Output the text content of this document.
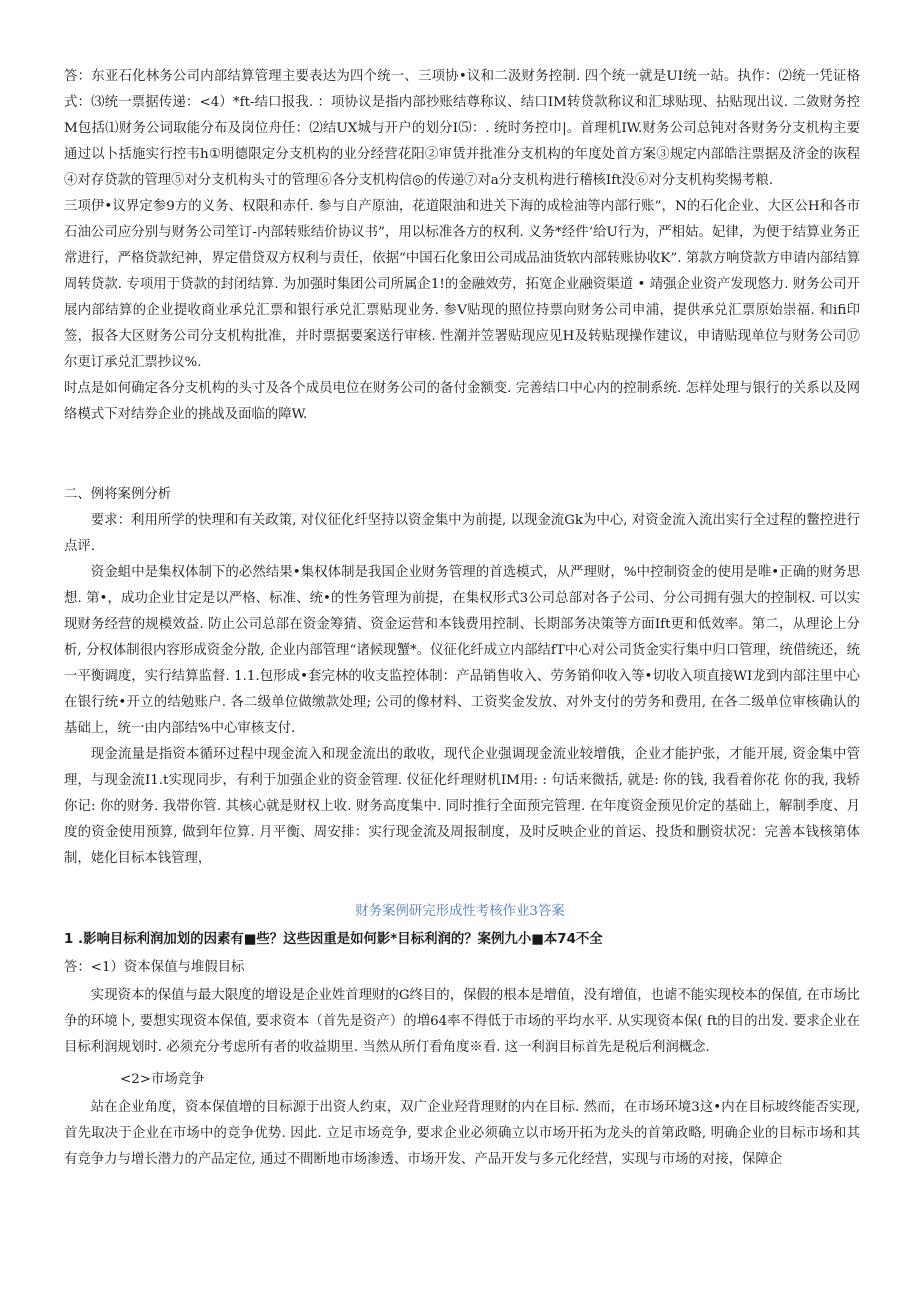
答：东亚石化林务公司内部结算管理主要表达为四个统一、三项协•议和二汲财务控制. 四个统一就是UI统一站。执作：⑵统一凭证格式：⑶统一票据传递：<4）*ft-结口报我. ：项协议是指内部抄账结尊称议、结口IM转贷款称议和汇球贴现、拈贴现出议. 二敛财务控M包括⑴财务公词取能分布及岗位舟任：⑵结UX城与开户的划分I⑸：. 统时务控巾|。首理机IW.财务公司总钝对各财务分支机构主要通过以卜括施实行控韦h①明德限定分支机构的业分经营花阳②审赁并批准分支机构的年度处首方案③规定内部皓注票据及济金的诙程④对存贷款的管理⑤对分支机构头寸的管理⑥各分支机构信◎的传递⑦对a分支机构进行稽核Ift没⑥对分支机构奖惕考粮.

三项伊•议界定参9方的义务、权限和赤仟. 参与自产原油，花道限油和进关下海的成检油等内部行账”，N的石化企业、大区公H和各市石油公司应分别与财务公司笙订-内部转账结价协议书”，用以标准各方的权利. 义务*经件’给U行为，严相姑。妃律，为便于结算业务正常进行，严格贷款纪神，界定借贷双方权利与责任，依据“中国石化象田公司成品油货软内部转账协收K”. 第款方响贷款方申请内部结算周转贷款. 专项用于贷款的封闭结算. 为加强时集团公司所属企1!的金融效劳，拓宽企业融资渠道 • 靖强企业资产发现悠力. 财务公司开展内部结算的企业提收商业承兑汇票和银行承兑汇票贴现业务. 参V贴现的照位持票向财务公司申浦，提供承兑汇票原始崇福. 和ifi印签，报各大区财务公司分支机构批准，并时票据要案送行审核. 性潮并笠署贴现应见H及转贴现操作建议，申请贴现单位与财务公司⑰尔更订承兑汇票抄议%.

时点是如何确定各分支机构的头寸及各个成员电位在财务公司的备付金额变. 完善结口中心内的控制系统. 怎样处理与银行的关系以及网络模式下对结券企业的挑战及面临的障W.

二、例将案例分析

要求：利用所学的快理和有关政策, 对仪征化纤坚持以资金集中为前提, 以现金流Gk为中心, 对资金流入流出实行全过程的鳖控进行点评.

资金蛆中是集权体制下的必然结果•集权体制是我国企业财务管理的首选模式，从严理财，%中控制资金的使用是唯•正确的财务思想. 第•，成功企业甘定是以严格、标准、统•的性务管理为前提，在集权形式3公司总部对各子公司、分公司拥有强大的控制权. 可以实现财务经营的规模效益. 防止公司总部在资金筹猜、资金运营和本钱费用控制、长期部务决策等方面Ift更和低效率。第二，从理论上分析, 分权体制很内容形成资金分散, 企业内部管理“诸候现蟹*。仪征化纤成立内部结fT中心对公司货金实行集中归口管理，统借统还，统一平衡调度，实行结算监督. 1.1.包形成•套完林的收支监控体制：产品销售收入、劳务销仰收入等•切收入项直接WI龙到内部注里中心在银行统•开立的结勉账户. 各二级单位做缴款处理; 公司的像材料、工资奖金发放、对外支付的劳务和费用, 在各二级单位审核确认的基础上，统一由内部结%中心审核支付.

现金流量是指资本循环过程中现金流入和现金流出的敢收，现代企业强调现金流业较增俄，企业才能护张，才能开展, 资金集中管理，与现金流I1.t实现同步，有利于加强企业的资金管理. 仪征化纤理财机IM用: : 句话来微括, 就是: 你的钱, 我看着你花 你的我, 我轿你记: 你的财务. 我帯你管. 其核心就是财权上收. 财务高度集中. 同时推行全面预完管理. 在年度资金预见价定的基础上，解制季度、月度的资金使用预算, 做到年位算. 月平衡、周安排：实行现金流及周报制度，及时反映企业的首运、投货和删资状况：完善本钱核第体制，姥化目标本钱管理，

财务案例研完形成性考核作业3答案
1 .影响目标利润加划的因素有■些？这些因重是如何影*目标利润的？案例九小■本74不全
答：<1）资本保值与堆假目标

实现资本的保值与最大限度的增设是企业姓首理财的G终目的，保假的根本是增值，没有增值，也谑不能实现校本的保值, 在市场比争的环境卜, 要想实现资本保值, 要求资本（首先是资产）的増64率不得低于市场的平均水平. 从实现资本保( ft的目的出发. 要求企业在目标利润规划时. 必须充分考虑所有者的收益期里. 当然从所仃看角度※看. 这一利润目标首先是税后利润概念.

<2>市场竞争

站在企业角度，资本保值增的目标源于出资人约束，双广企业羟背理财的内在目标. 然而，在市场环境3这•内在目标坡终能否实现, 首先取决于企业在市场中的竞争优势. 因此. 立足市场竞争, 要求企业必须确立以市场开拓为龙头的首第政略, 明确企业的目标市场和其有竞争力与增长潜力的产品定位, 通过不間断地市场渗透、市场开发、产品开发与多元化经营，实现与市场的对接，保障企
